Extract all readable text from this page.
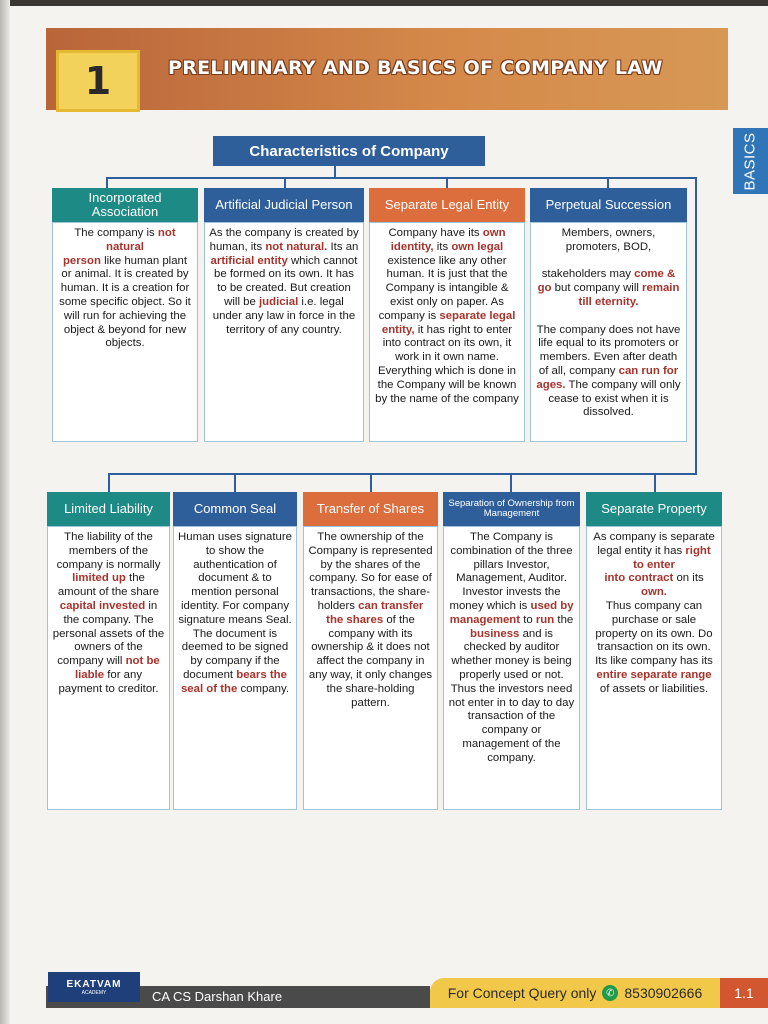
1	PRELIMINARY AND BASICS OF COMPANY LAW
BASICS
Characteristics of Company
Incorporated Association
The company is not natural
person like human plant or animal. It is created by human. It is a creation for some specific object. So it will run for achieving the object & beyond for new objects.
Artificial Judicial Person
As the company is created by human, its not natural. Its an artificial entity which cannot be formed on its own. It has to be created. But creation will be judicial i.e. legal under any law in force in the territory of any country.
Separate Legal Entity
Company have its own identity, its own legal existence like any other human. It is just that the Company is intangible & exist only on paper. As company is separate legal entity, it has right to enter into contract on its own, it work in it own name. Everything which is done in the Company will be known by the name of the company
Perpetual Succession
Members, owners, promoters, BOD,

stakeholders may come & go but company will remain till eternity.

The company does not have life equal to its promoters or members. Even after death of all, company can run for ages. The company will only cease to exist when it is dissolved.
Limited Liability
The liability of the members of the company is normally limited up the amount of the share capital invested in the company. The personal assets of the owners of the company will not be liable for any payment to creditor.
Common Seal
Human uses signature to show the authentication of document & to mention personal identity. For company signature means Seal. The document is deemed to be signed by company if the document bears the seal of the company.
Transfer of Shares
The ownership of the Company is represented by the shares of the company. So for ease of transactions, the share-holders can transfer the shares of the company with its ownership & it does not affect the company in any way, it only changes the share-holding pattern.
Separation of Ownership from Management
The Company is combination of the three pillars Investor, Management, Auditor. Investor invests the money which is used by management to run the business and is checked by auditor whether money is being properly used or not. Thus the investors need not enter in to day to day transaction of the company or management of the company.
Separate Property
As company is separate legal entity it has right to enter
into contract on its own.
Thus company can purchase or sale property on its own. Do transaction on its own. Its like company has its entire separate range of assets or liabilities.
EKATVAM
ACADEMY	CA CS Darshan Khare	For Concept Query only ✆ 8530902666	1.1
